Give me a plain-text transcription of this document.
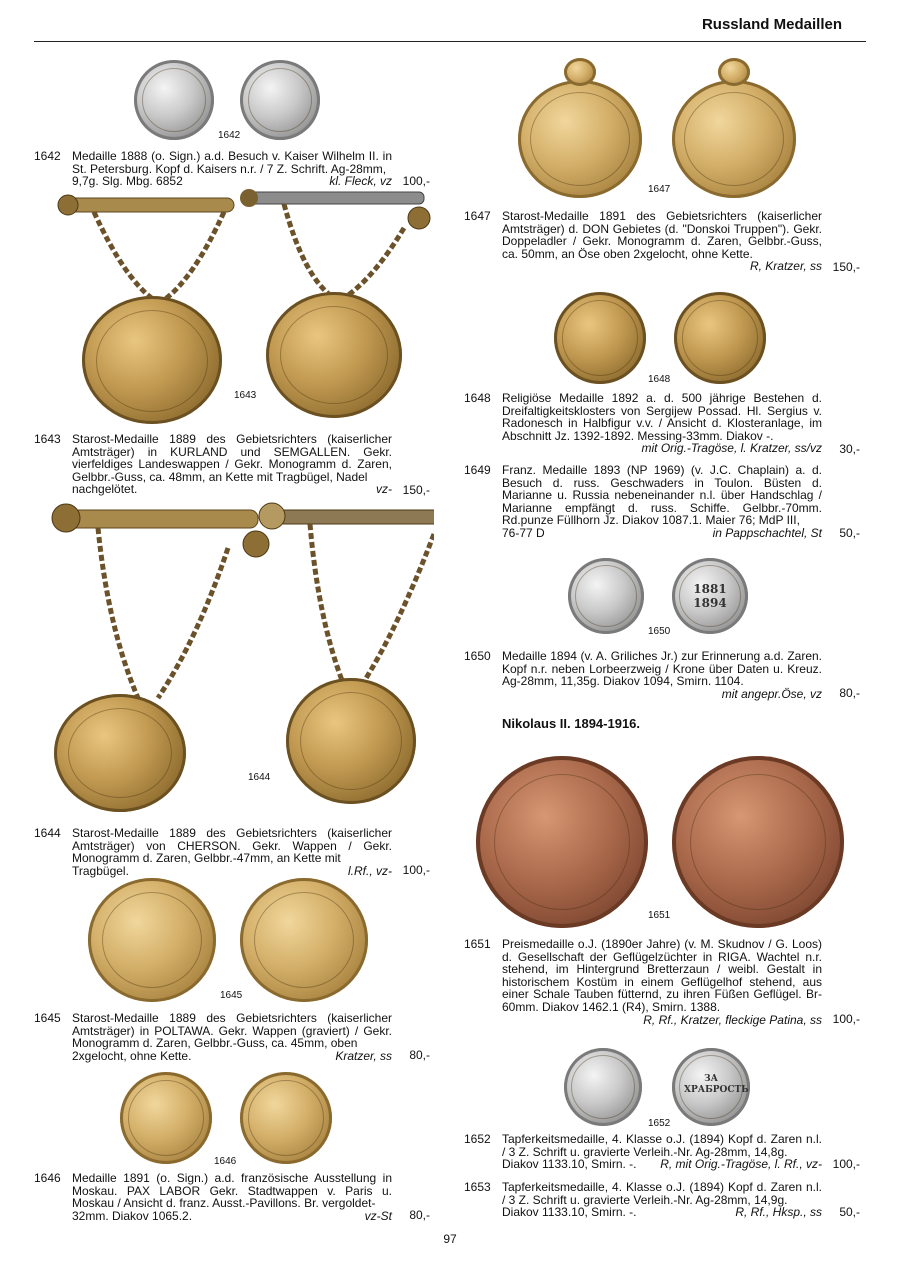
Russland Medaillen
1642
1642 Medaille 1888 (o. Sign.) a.d. Besuch v. Kaiser Wilhelm II. in St. Petersburg. Kopf d. Kaisers n.r. / 7 Z. Schrift. Ag-28mm,
9,7g. Slg. Mbg. 6852	kl. Fleck, vz 100,-
1643
1643 Starost-Medaille 1889 des Gebietsrichters (kaiserlicher Amtsträger) in KURLAND und SEMGALLEN. Gekr. vierfeldiges Landeswappen / Gekr. Monogramm d. Zaren, Gelbbr.-Guss, ca. 48mm, an Kette mit Tragbügel, Nadel
nachgelötet.	vz- 150,-
1644
1644 Starost-Medaille 1889 des Gebietsrichters (kaiserlicher Amtsträger) von CHERSON. Gekr. Wappen / Gekr. Monogramm d. Zaren, Gelbbr.-47mm, an Kette mit
Tragbügel.	l.Rf., vz- 100,-
1645
1645 Starost-Medaille 1889 des Gebietsrichters (kaiserlicher Amtsträger) in POLTAWA. Gekr. Wappen (graviert) / Gekr. Monogramm d. Zaren, Gelbbr.-Guss, ca. 45mm, oben
2xgelocht, ohne Kette.	Kratzer, ss	80,-
1646
1646 Medaille 1891 (o. Sign.) a.d. französische Ausstellung in Moskau. PAX LABOR Gekr. Stadtwappen v. Paris u. Moskau / Ansicht d. franz. Ausst.-Pavillons. Br. vergoldet-
32mm. Diakov 1065.2.	vz-St	80,-
1647
1647 Starost-Medaille 1891 des Gebietsrichters (kaiserlicher Amtsträger) d. DON Gebietes (d. "Donskoi Truppen"). Gekr. Doppeladler / Gekr. Monogramm d. Zaren, Gelbbr.-Guss, ca. 50mm, an Öse oben 2xgelocht, ohne Kette.
R, Kratzer, ss 150,-
1648
1648 Religiöse Medaille 1892 a. d. 500 jährige Bestehen d. Dreifaltigkeitsklosters von Sergijew Possad. Hl. Sergius v. Radonesch in Halbfigur v.v. / Ansicht d. Klosteranlage, im Abschnitt Jz. 1392-1892. Messing-33mm. Diakov -.
mit Orig.-Tragöse, l. Kratzer, ss/vz	30,-
1649 Franz. Medaille 1893 (NP 1969) (v. J.C. Chaplain) a. d. Besuch d. russ. Geschwaders in Toulon. Büsten d. Marianne u. Russia nebeneinander n.l. über Handschlag / Marianne empfängt d. russ. Schiffe. Gelbbr.-70mm. Rd.punze Füllhorn Jz. Diakov 1087.1. Maier 76; MdP III,
76-77 D	in Pappschachtel, St	50,-
1881 1894
1650
1650 Medaille 1894 (v. A. Griliches Jr.) zur Erinnerung a.d. Zaren. Kopf n.r. neben Lorbeerzweig / Krone über Daten u. Kreuz. Ag-28mm, 11,35g. Diakov 1094, Smirn. 1104.
mit angepr.Öse, vz	80,-
Nikolaus II. 1894-1916.
1651
1651 Preismedaille o.J. (1890er Jahre) (v. M. Skudnov / G. Loos) d. Gesellschaft der Geflügelzüchter in RIGA. Wachtel n.r. stehend, im Hintergrund Bretterzaun / weibl. Gestalt in historischem Kostüm in einem Geflügelhof stehend, aus einer Schale Tauben fütternd, zu ihren Füßen Geflügel. Br-60mm. Diakov 1462.1 (R4), Smirn. 1388.
R, Rf., Kratzer, fleckige Patina, ss 100,-
ЗА ХРАБРОСТЬ
1652
1652 Tapferkeitsmedaille, 4. Klasse o.J. (1894) Kopf d. Zaren n.l. / 3 Z. Schrift u. gravierte Verleih.-Nr. Ag-28mm, 14,8g.
Diakov 1133.10, Smirn. -. R, mit Orig.-Tragöse, l. Rf., vz- 100,-
1653 Tapferkeitsmedaille, 4. Klasse o.J. (1894) Kopf d. Zaren n.l. / 3 Z. Schrift u. gravierte Verleih.-Nr. Ag-28mm, 14,9g.
Diakov 1133.10, Smirn. -.	R, Rf., Hksp., ss	50,-
97
